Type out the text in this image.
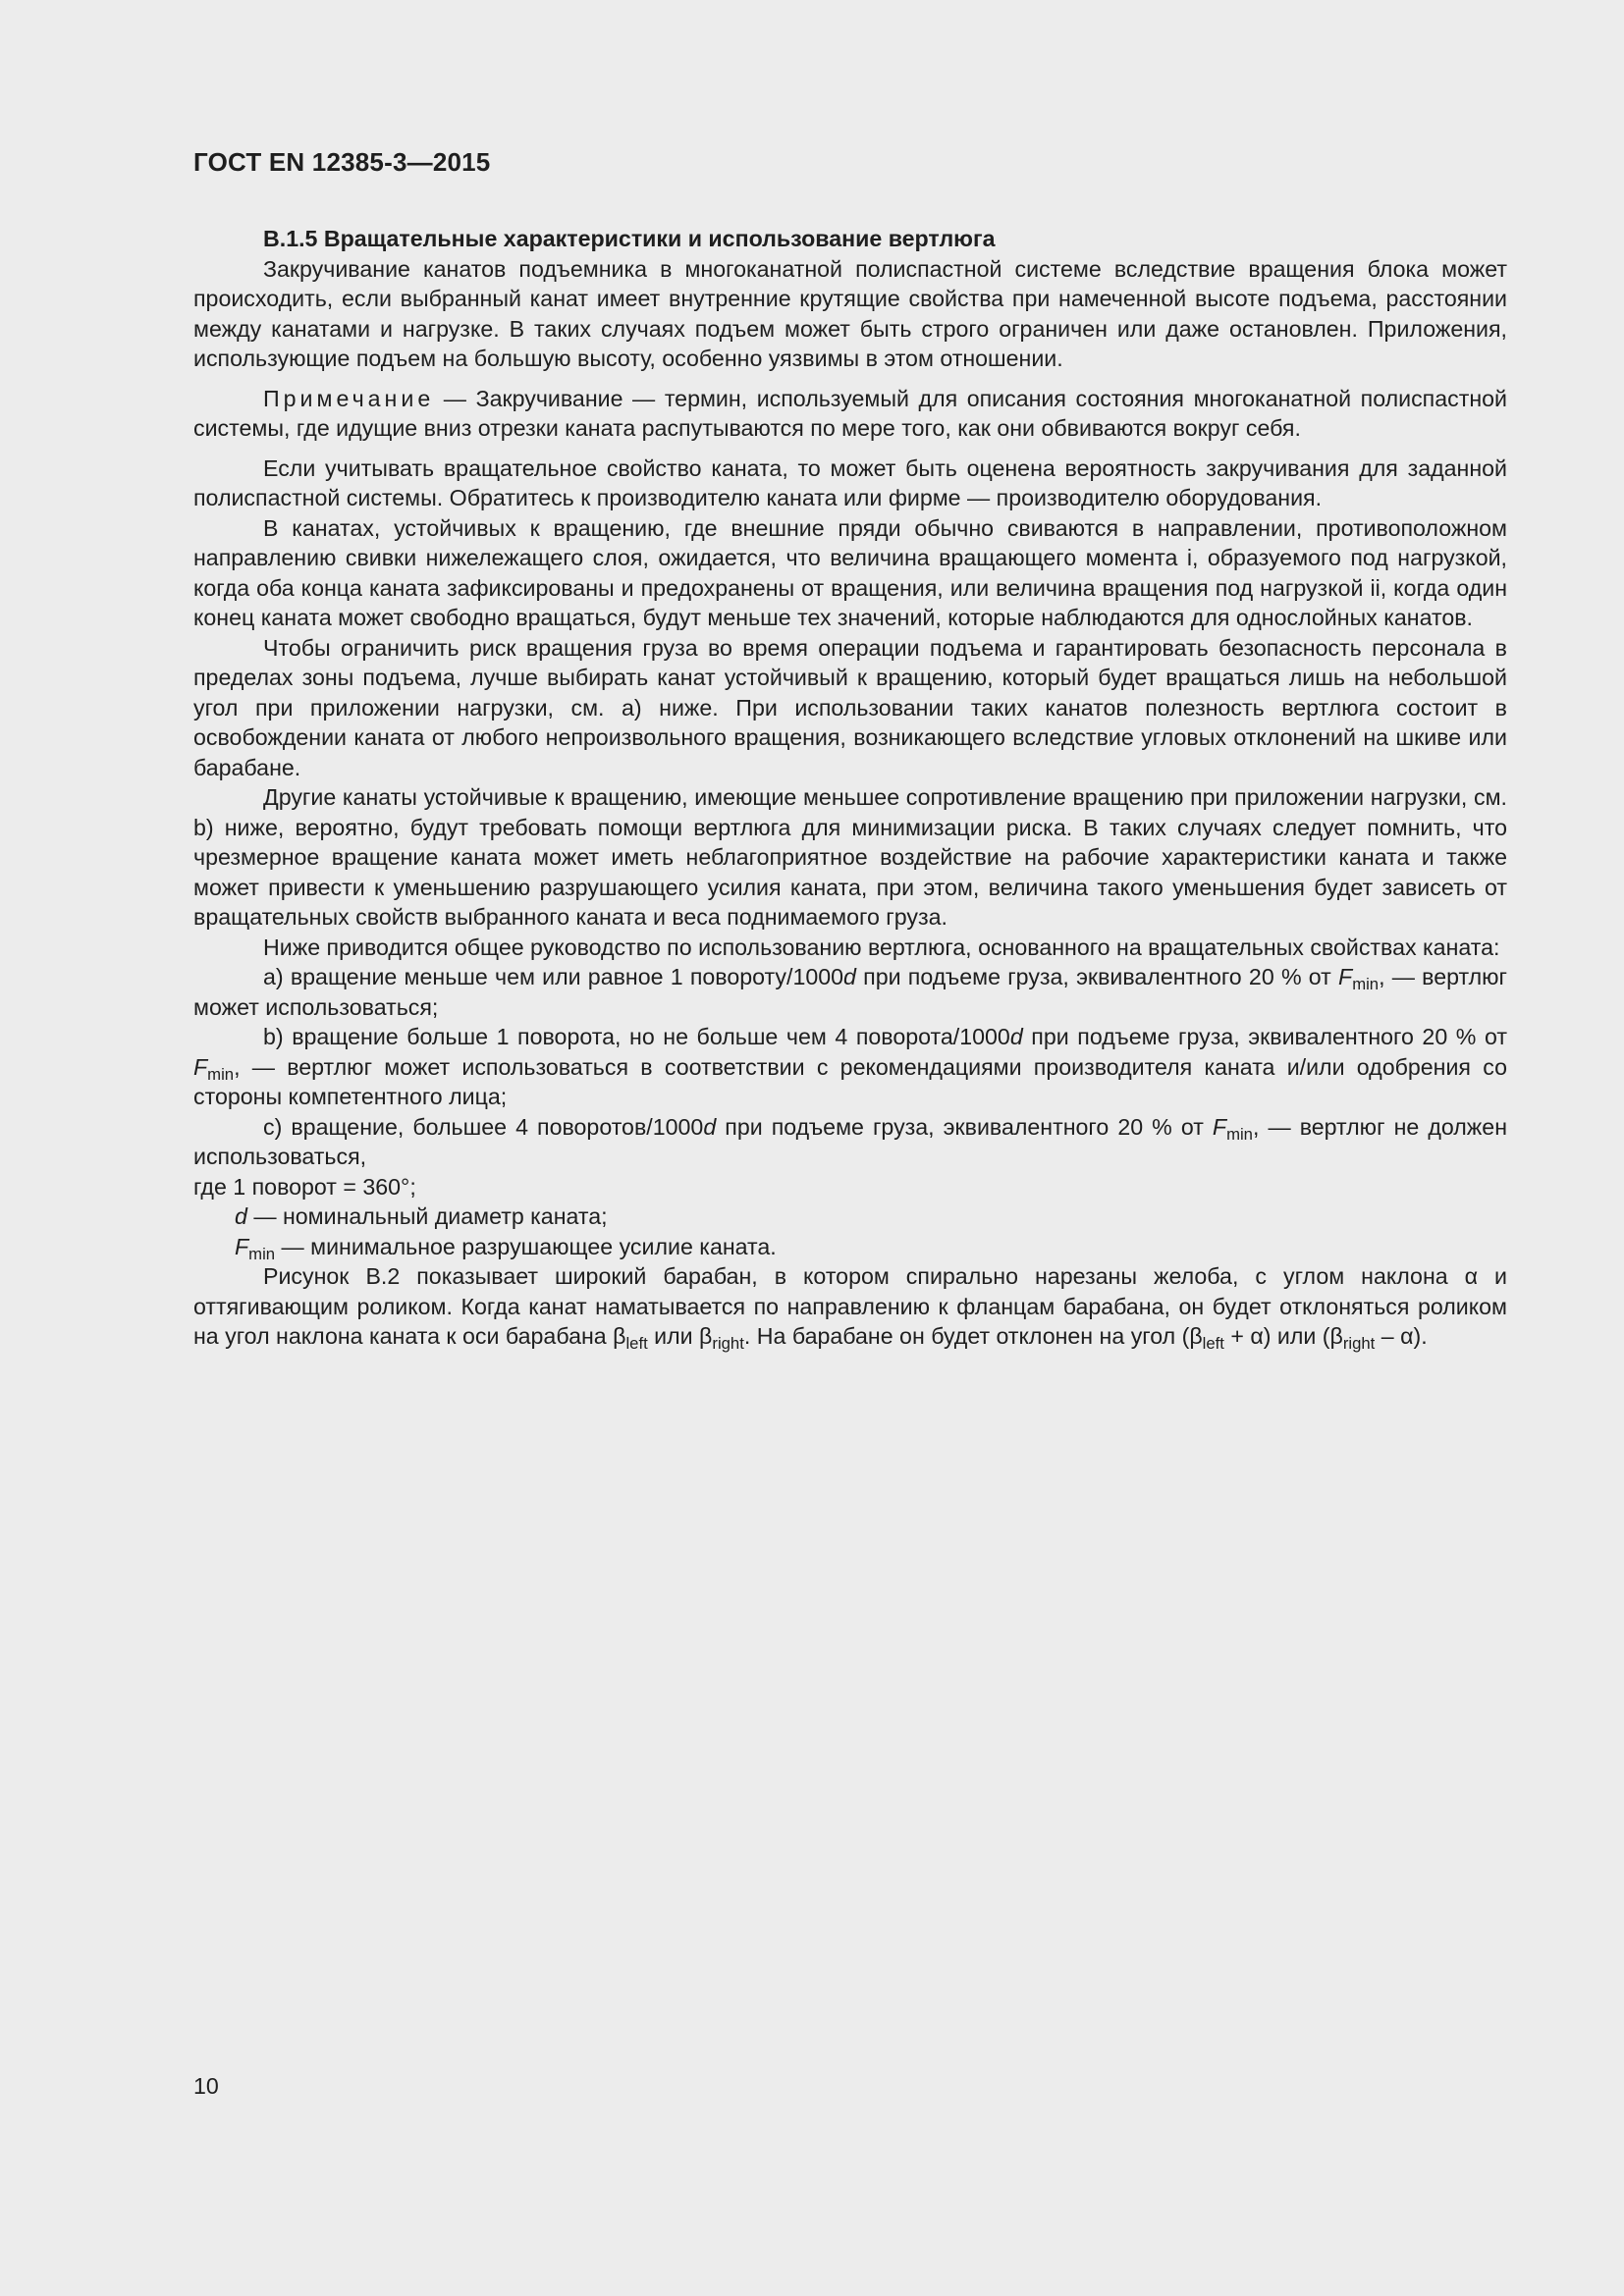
ГОСТ EN 12385-3—2015
B.1.5 Вращательные характеристики и использование вертлюга

Закручивание канатов подъемника в многоканатной полиспастной системе вследствие вращения блока может происходить, если выбранный канат имеет внутренние крутящие свойства при намеченной высоте подъема, расстоянии между канатами и нагрузке. В таких случаях подъем может быть строго ограничен или даже остановлен. Приложения, использующие подъем на большую высоту, особенно уязвимы в этом отношении.

Примечание — Закручивание — термин, используемый для описания состояния многоканатной полиспастной системы, где идущие вниз отрезки каната распутываются по мере того, как они обвиваются вокруг себя.

Если учитывать вращательное свойство каната, то может быть оценена вероятность закручивания для заданной полиспастной системы. Обратитесь к производителю каната или фирме — производителю оборудования.

В канатах, устойчивых к вращению, где внешние пряди обычно свиваются в направлении, противоположном направлению свивки нижележащего слоя, ожидается, что величина вращающего момента i, образуемого под нагрузкой, когда оба конца каната зафиксированы и предохранены от вращения, или величина вращения под нагрузкой ii, когда один конец каната может свободно вращаться, будут меньше тех значений, которые наблюдаются для однослойных канатов.

Чтобы ограничить риск вращения груза во время операции подъема и гарантировать безопасность персонала в пределах зоны подъема, лучше выбирать канат устойчивый к вращению, который будет вращаться лишь на небольшой угол при приложении нагрузки, см. а) ниже. При использовании таких канатов полезность вертлюга состоит в освобождении каната от любого непроизвольного вращения, возникающего вследствие угловых отклонений на шкиве или барабане.

Другие канаты устойчивые к вращению, имеющие меньшее сопротивление вращению при приложении нагрузки, см. b) ниже, вероятно, будут требовать помощи вертлюга для минимизации риска. В таких случаях следует помнить, что чрезмерное вращение каната может иметь неблагоприятное воздействие на рабочие характеристики каната и также может привести к уменьшению разрушающего усилия каната, при этом, величина такого уменьшения будет зависеть от вращательных свойств выбранного каната и веса поднимаемого груза.

Ниже приводится общее руководство по использованию вертлюга, основанного на вращательных свойствах каната:

а) вращение меньше чем или равное 1 повороту/1000d при подъеме груза, эквивалентного 20 % от $F_{min}$, — вертлюг может использоваться;

b) вращение больше 1 поворота, но не больше чем 4 поворота/1000d при подъеме груза, эквивалентного 20 % от $F_{min}$, — вертлюг может использоваться в соответствии с рекомендациями производителя каната и/или одобрения со стороны компетентного лица;

с) вращение, большее 4 поворотов/1000d при подъеме груза, эквивалентного 20 % от $F_{min}$, — вертлюг не должен использоваться,

где 1 поворот = 360°;

d — номинальный диаметр каната;

$F_{min}$ — минимальное разрушающее усилие каната.

Рисунок В.2 показывает широкий барабан, в котором спирально нарезаны желоба, с углом наклона α и оттягивающим роликом. Когда канат наматывается по направлению к фланцам барабана, он будет отклоняться роликом на угол наклона каната к оси барабана $\beta_{left}$ или $\beta_{right}$. На барабане он будет отклонен на угол $(\beta_{left} + \alpha)$ или $(\beta_{right} - \alpha)$.

10
